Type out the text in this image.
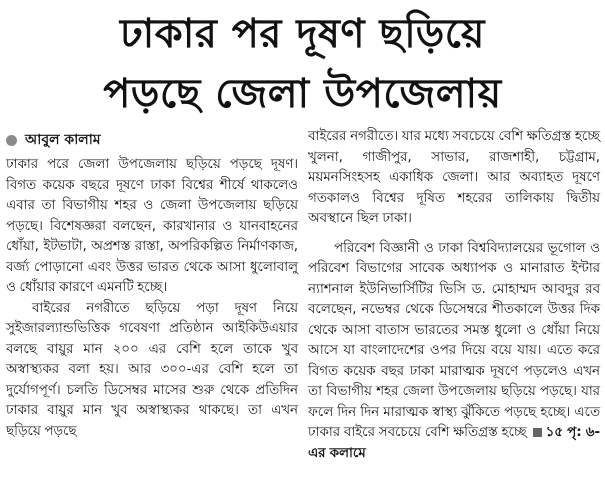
ঢাকার পর দূষণ ছড়িয়ে
পড়ছে জেলা উপজেলায়
আবুল কালাম

ঢাকার পরে জেলা উপজেলায় ছড়িয়ে পড়ছে দূষণ। বিগত কয়েক বছরে দূষণে ঢাকা বিশ্বের শীর্ষে থাকলেও এবার তা বিভাগীয় শহর ও জেলা উপজেলায় ছড়িয়ে পড়ছে। বিশেষজ্ঞরা বলছেন, কারখানার ও যানবাহনের ধোঁয়া, ইটভাটা, অপ্রশস্ত রাস্তা, অপরিকল্পিত নির্মাণকাজ, বর্জ্য পোড়ানো এবং উত্তর ভারত থেকে আসা ধুলোবালু ও ধোঁয়ার কারণে এমনটি হচ্ছে।

বাইরের নগরীতে ছড়িয়ে পড়া দূষণ নিয়ে সুইজারল্যান্ডভিত্তিক গবেষণা প্রতিষ্ঠান আইকিউএয়ার বলছে বায়ুর মান ২০০ এর বেশি হলে তাকে খুব অস্বাস্থ্যকর বলা হয়। আর ৩০০-এর বেশি হলে তা দুর্যোগপূর্ণ। চলতি ডিসেম্বর মাসের শুরু থেকে প্রতিদিন ঢাকার বায়ুর মান খুব অস্বাস্থ্যকর থাকছে। তা এখন ছড়িয়ে পড়ছে

বাইরের নগরীতে। যার মধ্যে সবচেয়ে বেশি ক্ষতিগ্রস্ত হচ্ছে খুলনা, গাজীপুর, সাভার, রাজশাহী, চট্টগ্রাম, ময়মনসিংহসহ একাধিক জেলা। আর অব্যাহত দূষণে গতকালও বিশ্বের দূষিত শহরের তালিকায় দ্বিতীয় অবস্থানে ছিল ঢাকা।

পরিবেশ বিজ্ঞানী ও ঢাকা বিশ্ববিদ্যালয়ের ভূগোল ও পরিবেশ বিভাগের সাবেক অধ্যাপক ও মানারাত ইন্টার ন্যাশনাল ইউনিভার্সিটির ভিসি ড. মোহাম্মদ আবদুর রব বলেছেন, নভেম্বর থেকে ডিসেম্বরে শীতকালে উত্তর দিক থেকে আসা বাতাস ভারতের সমস্ত ধুলো ও ধোঁয়া নিয়ে আসে যা বাংলাদেশের ওপর দিয়ে বয়ে যায়। এতে করে বিগত কয়েক বছর ঢাকা মারাত্মক দূষণে পড়লেও এখন তা বিভাগীয় শহর জেলা উপজেলায় ছড়িয়ে পড়ছে। যার ফলে দিন দিন মারাত্মক স্বাস্থ্য ঝুঁকিতে পড়ছে হচ্ছে। এতে ঢাকার বাইরে সবচেয়ে বেশি ক্ষতিগ্রস্ত হচ্ছে ১৫ পৃ: ৬-এর কলামে
